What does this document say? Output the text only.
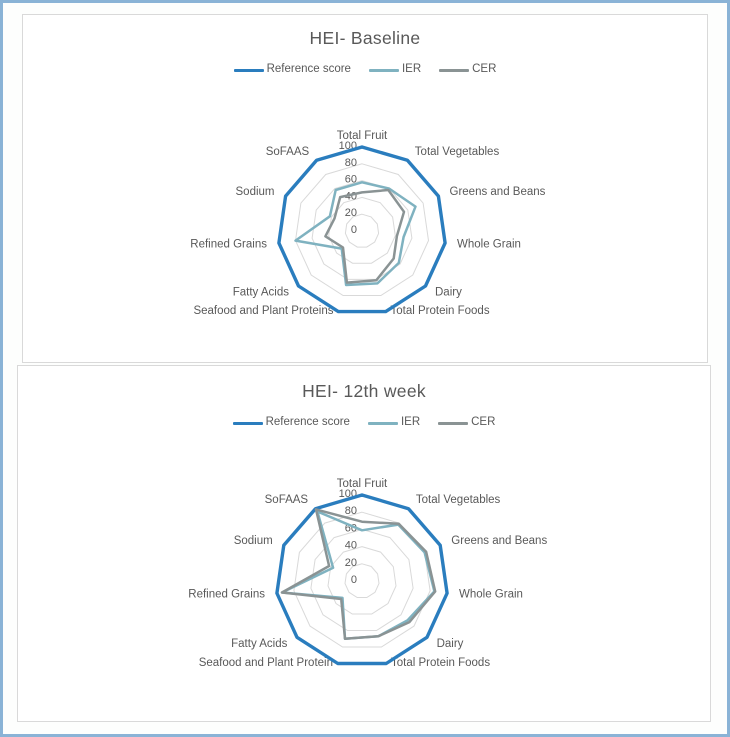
HEI- Baseline
Reference score	IER	CER
100
80
60
40
20
0
Total Fruit
Total Vegetables
Greens and Beans
Whole Grain
Dairy
Total Protein Foods
Seafood and Plant Proteins
Fatty Acids
Refined Grains
Sodium
SoFAAS
HEI- 12th week
Reference score	IER	CER
100
80
60
40
20
0
Total Fruit
Total Vegetables
Greens and Beans
Whole Grain
Dairy
Total Protein Foods
Seafood and Plant Protein
Fatty Acids
Refined Grains
Sodium
SoFAAS
